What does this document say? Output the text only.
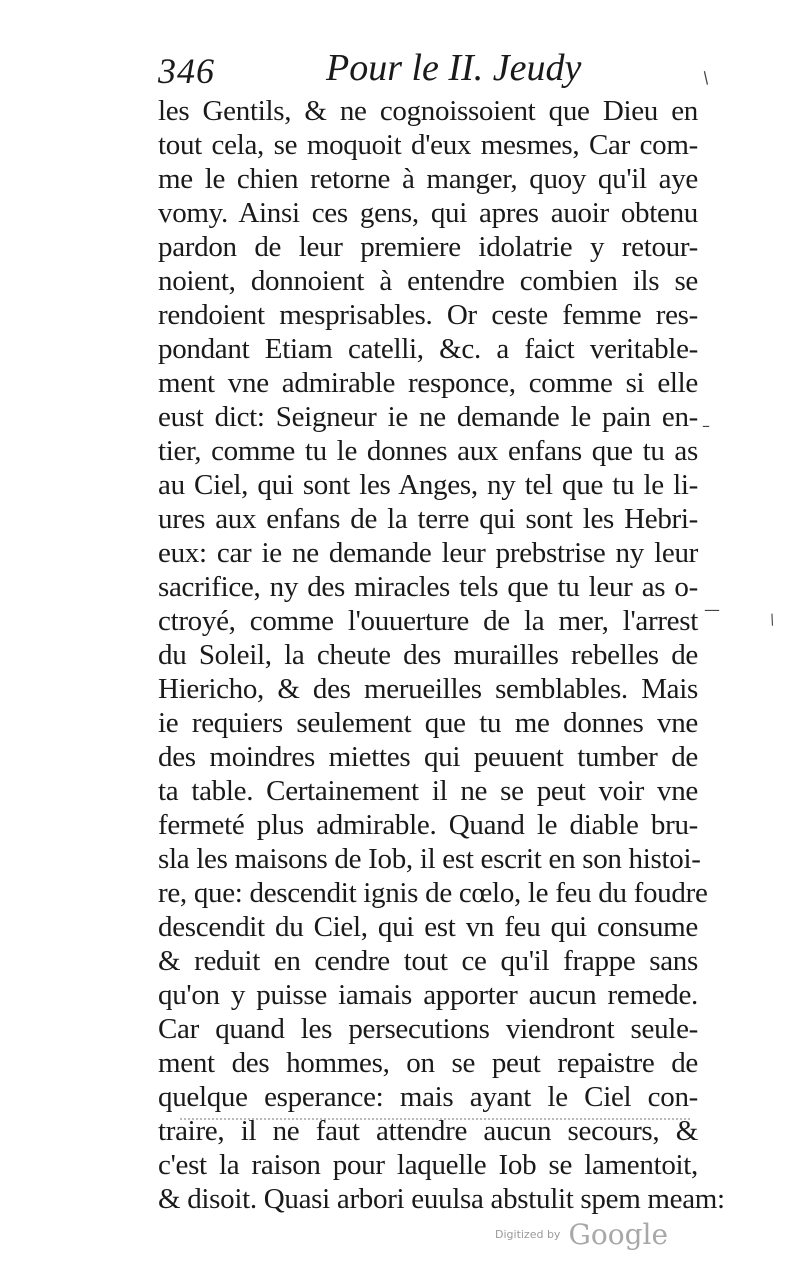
346	Pour le II. Jeudy
les Gentils, & ne cognoissoient que Dieu en
tout cela, se moquoit d'eux mesmes, Car com-
me le chien retorne à manger, quoy qu'il aye
vomy. Ainsi ces gens, qui apres auoir obtenu
pardon de leur premiere idolatrie y retour-
noient, donnoient à entendre combien ils se
rendoient mesprisables. Or ceste femme res-
pondant Etiam catelli, &c. a faict veritable-
ment vne admirable responce, comme si elle
eust dict: Seigneur ie ne demande le pain en-
tier, comme tu le donnes aux enfans que tu as
au Ciel, qui sont les Anges, ny tel que tu le li-
ures aux enfans de la terre qui sont les Hebri-
eux: car ie ne demande leur prebstrise ny leur
sacrifice, ny des miracles tels que tu leur as o-
ctroyé, comme l'ouuerture de la mer, l'arrest
du Soleil, la cheute des murailles rebelles de
Hiericho, & des merueilles semblables. Mais
ie requiers seulement que tu me donnes vne
des moindres miettes qui peuuent tumber de
ta table. Certainement il ne se peut voir vne
fermeté plus admirable. Quand le diable bru-
sla les maisons de Iob, il est escrit en son histoi-
re, que: descendit ignis de cœlo, le feu du foudre
descendit du Ciel, qui est vn feu qui consume
& reduit en cendre tout ce qu'il frappe sans
qu'on y puisse iamais apporter aucun remede.
Car quand les persecutions viendront seule-
ment des hommes, on se peut repaistre de
quelque esperance: mais ayant le Ciel con-
traire, il ne faut attendre aucun secours, &
c'est la raison pour laquelle Iob se lamentoit,
& disoit. Quasi arbori euulsa abstulit spem meam:
/
–
—
/
Digitized by Google
